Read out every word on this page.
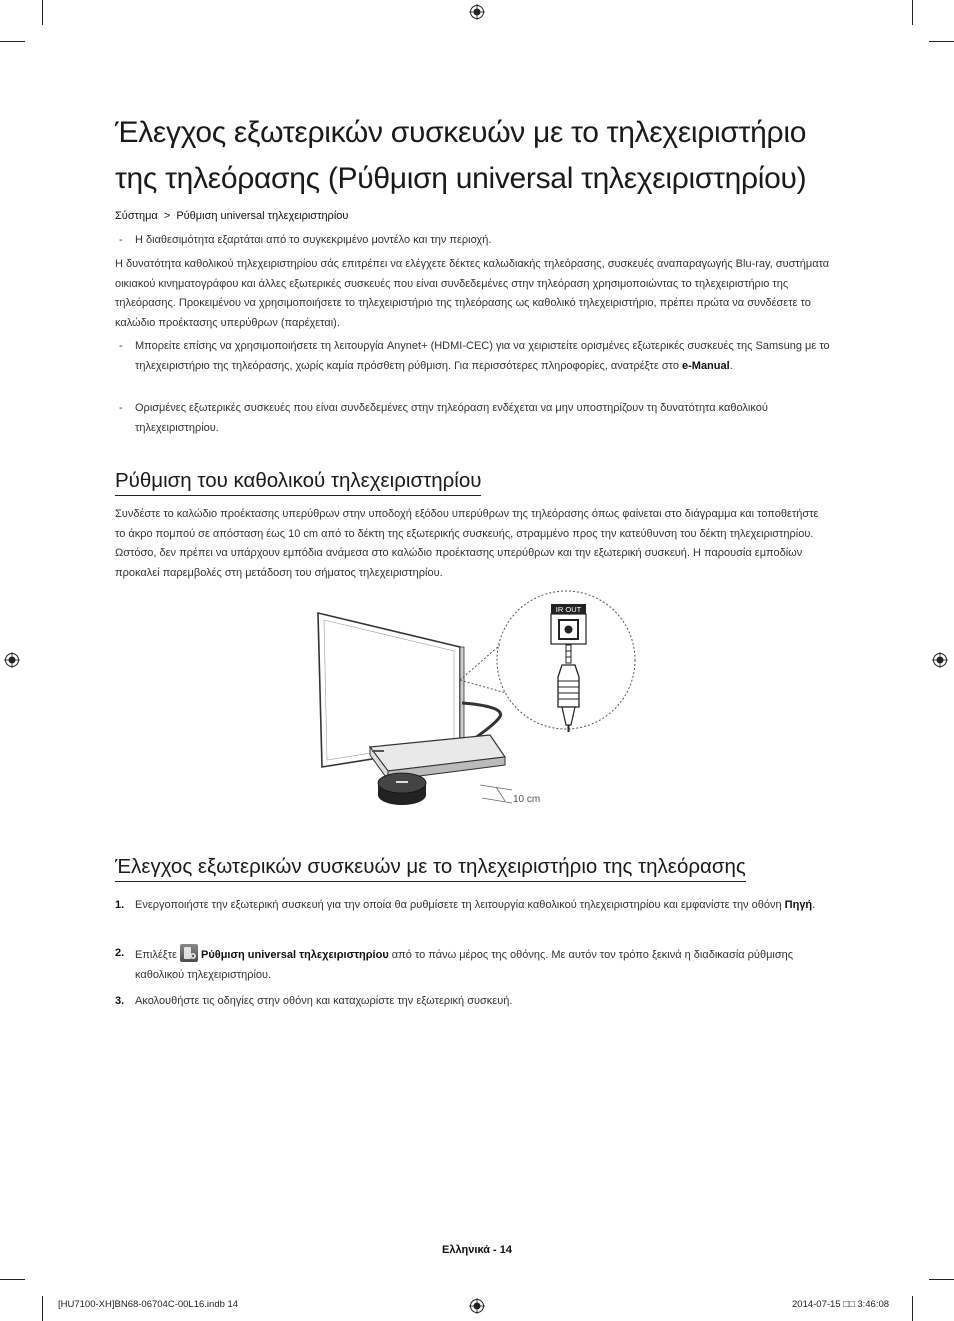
Έλεγχος εξωτερικών συσκευών με το τηλεχειριστήριο
της τηλεόρασης (Ρύθμιση universal τηλεχειριστηρίου)
Σύστημα > Ρύθμιση universal τηλεχειριστηρίου
- Η διαθεσιμότητα εξαρτάται από το συγκεκριμένο μοντέλο και την περιοχή.

Η δυνατότητα καθολικού τηλεχειριστηρίου σάς επιτρέπει να ελέγχετε δέκτες καλωδιακής τηλεόρασης, συσκευές αναπαραγωγής Blu-ray, συστήματα οικιακού κινηματογράφου και άλλες εξωτερικές συσκευές που είναι συνδεδεμένες στην τηλεόραση χρησιμοποιώντας το τηλεχειριστήριο της τηλεόρασης. Προκειμένου να χρησιμοποιήσετε το τηλεχειριστήριο της τηλεόρασης ως καθολικό τηλεχειριστήριο, πρέπει πρώτα να συνδέσετε το καλώδιο προέκτασης υπερύθρων (παρέχεται).

- Μπορείτε επίσης να χρησιμοποιήσετε τη λειτουργία Anynet+ (HDMI-CEC) για να χειριστείτε ορισμένες εξωτερικές συσκευές της Samsung με το τηλεχειριστήριο της τηλεόρασης, χωρίς καμία πρόσθετη ρύθμιση. Για περισσότερες πληροφορίες, ανατρέξτε στο e-Manual.
- Ορισμένες εξωτερικές συσκευές που είναι συνδεδεμένες στην τηλεόραση ενδέχεται να μην υποστηρίζουν τη δυνατότητα καθολικού τηλεχειριστηρίου.
Ρύθμιση του καθολικού τηλεχειριστηρίου

Συνδέστε το καλώδιο προέκτασης υπερύθρων στην υποδοχή εξόδου υπερύθρων της τηλεόρασης όπως φαίνεται στο διάγραμμα και τοποθετήστε το άκρο πομπού σε απόσταση έως 10 cm από το δέκτη της εξωτερικής συσκευής, στραμμένο προς την κατεύθυνση του δέκτη τηλεχειριστηρίου. Ωστόσο, δεν πρέπει να υπάρχουν εμπόδια ανάμεσα στο καλώδιο προέκτασης υπερύθρων και την εξωτερική συσκευή. Η παρουσία εμποδίων προκαλεί παρεμβολές στη μετάδοση του σήματος τηλεχειριστηρίου.

IR OUT
10 cm
Έλεγχος εξωτερικών συσκευών με το τηλεχειριστήριο της τηλεόρασης
1. Ενεργοποιήστε την εξωτερική συσκευή για την οποία θα ρυθμίσετε τη λειτουργία καθολικού τηλεχειριστηρίου και εμφανίστε την οθόνη Πηγή.
2. Επιλέξτε Ρύθμιση universal τηλεχειριστηρίου από το πάνω μέρος της οθόνης. Με αυτόν τον τρόπο ξεκινά η διαδικασία ρύθμισης καθολικού τηλεχειριστηρίου.
3. Ακολουθήστε τις οδηγίες στην οθόνη και καταχωρίστε την εξωτερική συσκευή.
Ελληνικά - 14
[HU7100-XH]BN68-06704C-00L16.indb 14	2014-07-15 □□ 3:46:08
